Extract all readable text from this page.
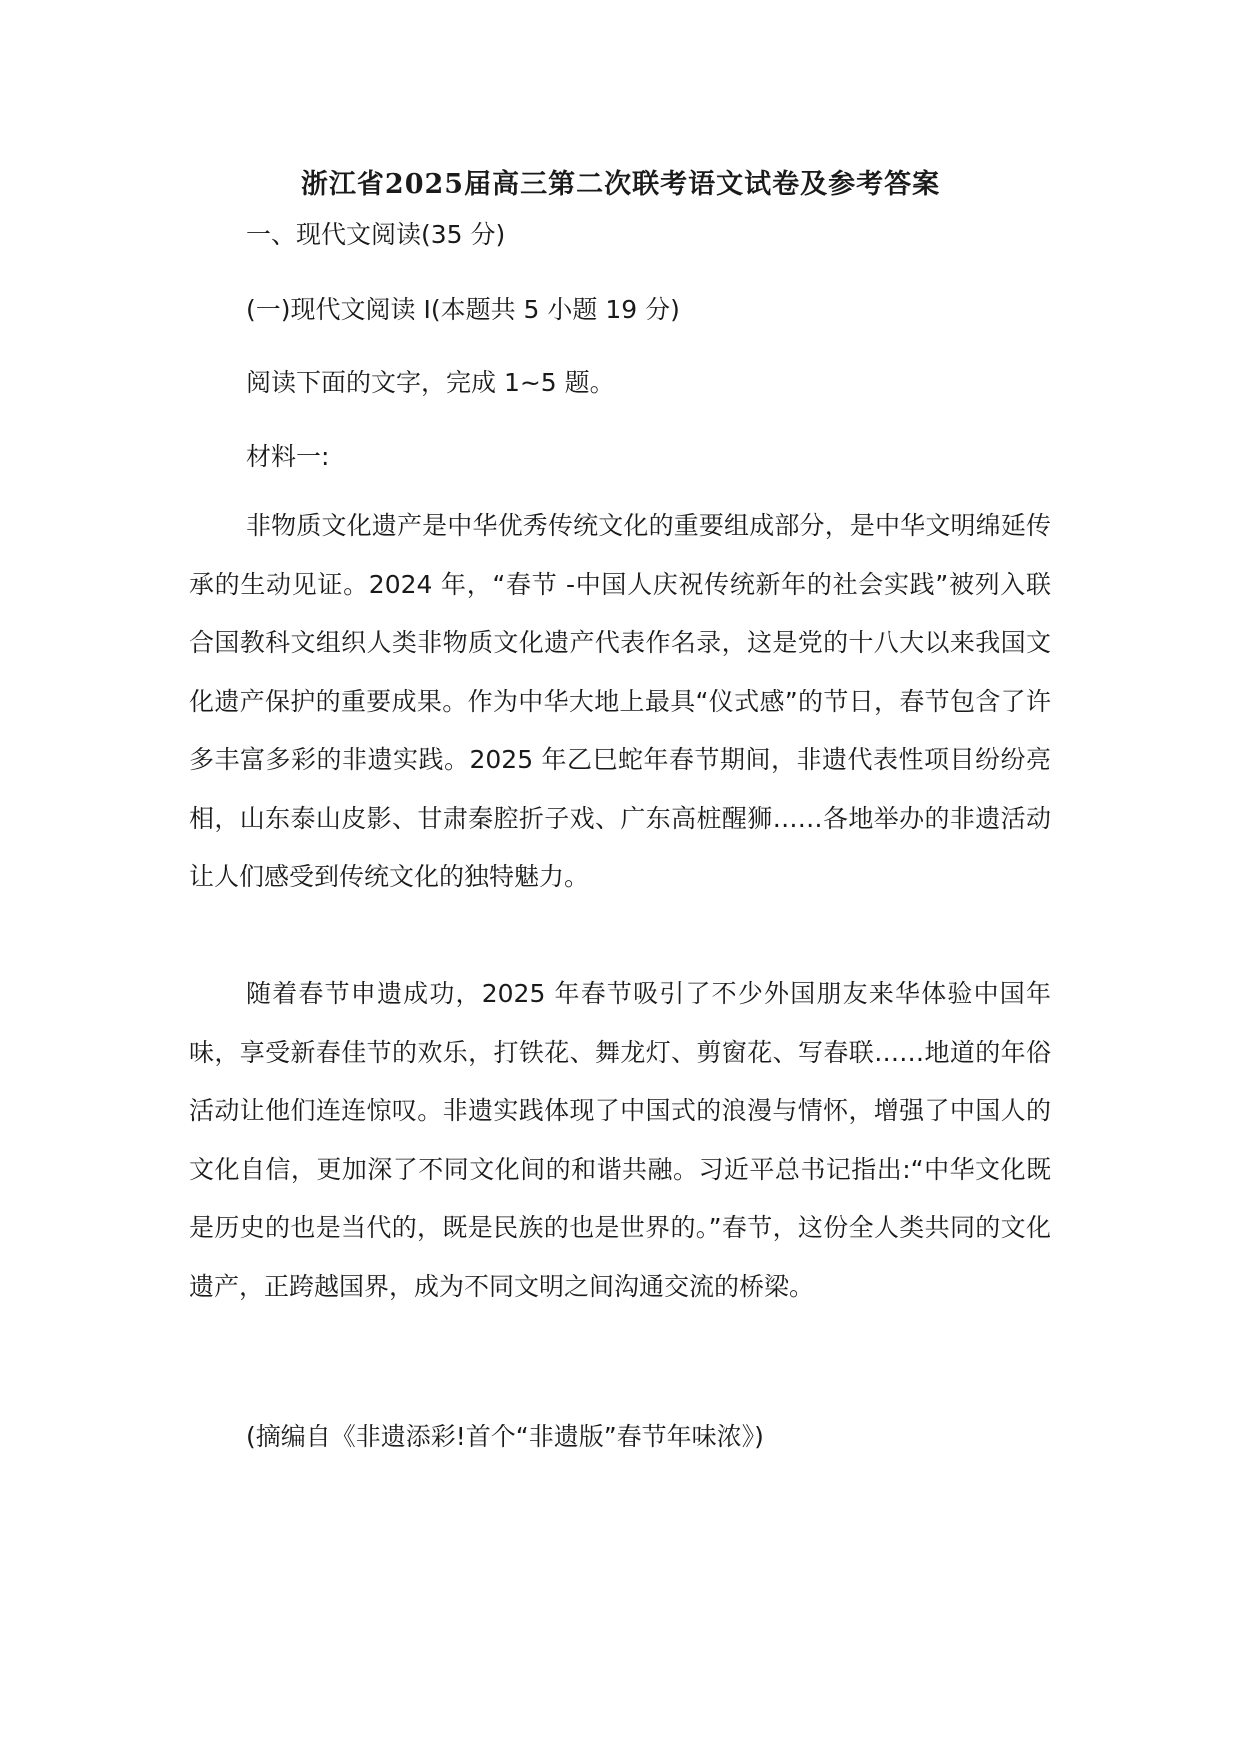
浙江省2025届高三第二次联考语文试卷及参考答案

一、现代文阅读(35 分)

(一)现代文阅读 I(本题共 5 小题 19 分)

阅读下面的文字，完成 1~5 题。

材料一:

非物质文化遗产是中华优秀传统文化的重要组成部分，是中华文明绵延传承的生动见证。2024 年，“春节 -中国人庆祝传统新年的社会实践”被列入联合国教科文组织人类非物质文化遗产代表作名录，这是党的十八大以来我国文化遗产保护的重要成果。作为中华大地上最具“仪式感”的节日，春节包含了许多丰富多彩的非遗实践。2025 年乙巳蛇年春节期间，非遗代表性项目纷纷亮相，山东泰山皮影、甘肃秦腔折子戏、广东高桩醒狮……各地举办的非遗活动让人们感受到传统文化的独特魅力。

随着春节申遗成功，2025 年春节吸引了不少外国朋友来华体验中国年味，享受新春佳节的欢乐，打铁花、舞龙灯、剪窗花、写春联……地道的年俗活动让他们连连惊叹。非遗实践体现了中国式的浪漫与情怀，增强了中国人的文化自信，更加深了不同文化间的和谐共融。习近平总书记指出:“中华文化既是历史的也是当代的，既是民族的也是世界的。”春节，这份全人类共同的文化遗产，正跨越国界，成为不同文明之间沟通交流的桥梁。

(摘编自《非遗添彩!首个“非遗版”春节年味浓》)
